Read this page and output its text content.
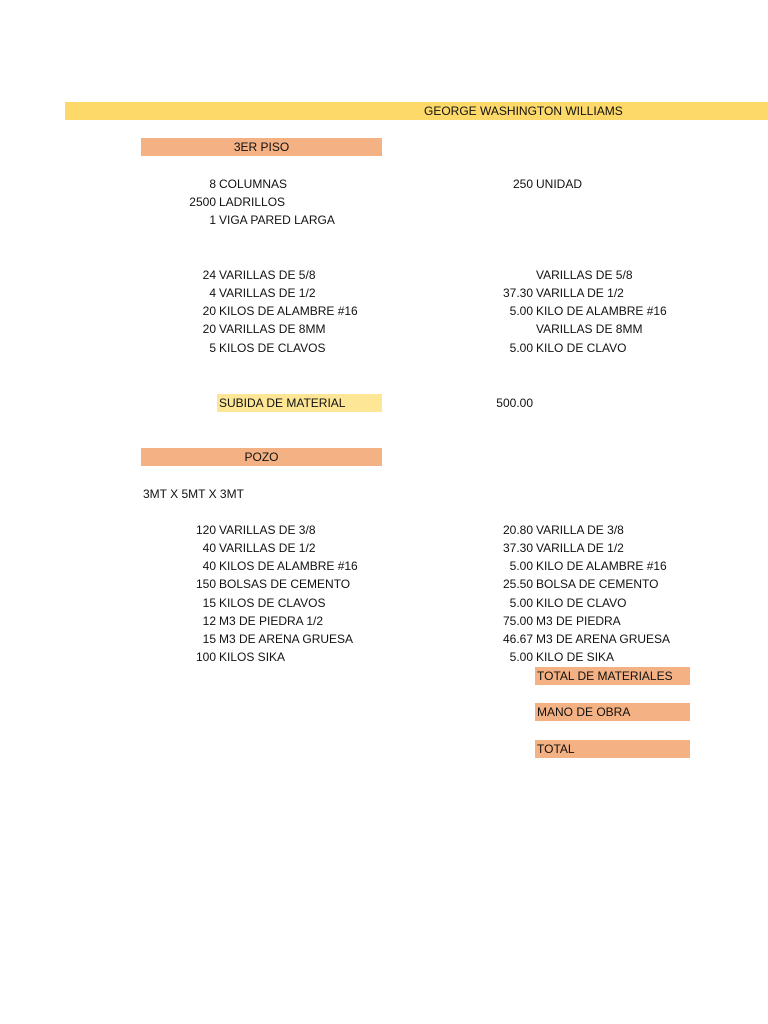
GEORGE WASHINGTON WILLIAMS
3ER PISO
8 COLUMNAS	250 UNIDAD
2500 LADRILLOS
1 VIGA PARED LARGA
24 VARILLAS DE 5/8	VARILLAS DE 5/8
4 VARILLAS DE 1/2	37.30 VARILLA DE 1/2
20 KILOS DE ALAMBRE #16	5.00 KILO DE ALAMBRE #16
20 VARILLAS DE 8MM	VARILLAS DE 8MM
5 KILOS DE CLAVOS	5.00 KILO DE CLAVO
SUBIDA DE MATERIAL	500.00
POZO
3MT X 5MT X 3MT
120 VARILLAS DE 3/8	20.80 VARILLA DE 3/8
40 VARILLAS DE 1/2	37.30 VARILLA DE 1/2
40 KILOS DE ALAMBRE #16	5.00 KILO DE ALAMBRE #16
150 BOLSAS DE CEMENTO	25.50 BOLSA DE CEMENTO
15 KILOS DE CLAVOS	5.00 KILO DE CLAVO
12 M3 DE PIEDRA 1/2	75.00 M3 DE PIEDRA
15 M3 DE ARENA GRUESA	46.67 M3 DE ARENA GRUESA
100 KILOS SIKA	5.00 KILO DE SIKA
TOTAL DE MATERIALES
MANO DE OBRA
TOTAL
